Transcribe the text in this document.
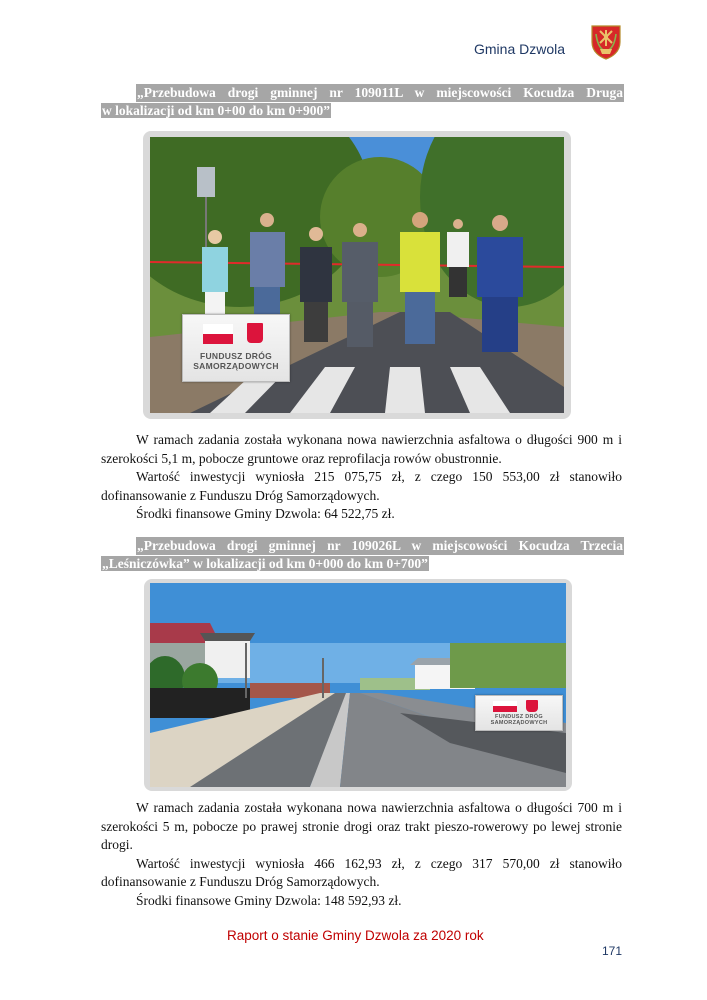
Gmina Dzwola
„Przebudowa drogi gminnej nr 109011L w miejscowości Kocudza Druga
w lokalizacji od km 0+00 do km 0+900”
FUNDUSZ DRÓG
SAMORZĄDOWYCH

W ramach zadania została wykonana nowa nawierzchnia asfaltowa o długości 900 m i szerokości 5,1 m, pobocze gruntowe oraz reprofilacja rowów obustronnie.

Wartość inwestycji wyniosła 215 075,75 zł, z czego 150 553,00 zł stanowiło dofinansowanie z Funduszu Dróg Samorządowych.

Środki finansowe Gminy Dzwola: 64 522,75 zł.

„Przebudowa drogi gminnej nr 109026L w miejscowości Kocudza Trzecia
„Leśniczówka” w lokalizacji od km 0+000 do km 0+700”
FUNDUSZ DRÓG
SAMORZĄDOWYCH

W ramach zadania została wykonana nowa nawierzchnia asfaltowa o długości 700 m i szerokości 5 m, pobocze po prawej stronie drogi oraz trakt pieszo-rowerowy po lewej stronie drogi.

Wartość inwestycji wyniosła 466 162,93 zł, z czego 317 570,00 zł stanowiło dofinansowanie z Funduszu Dróg Samorządowych.

Środki finansowe Gminy Dzwola: 148 592,93 zł.

Raport o stanie Gminy Dzwola za 2020 rok
171
